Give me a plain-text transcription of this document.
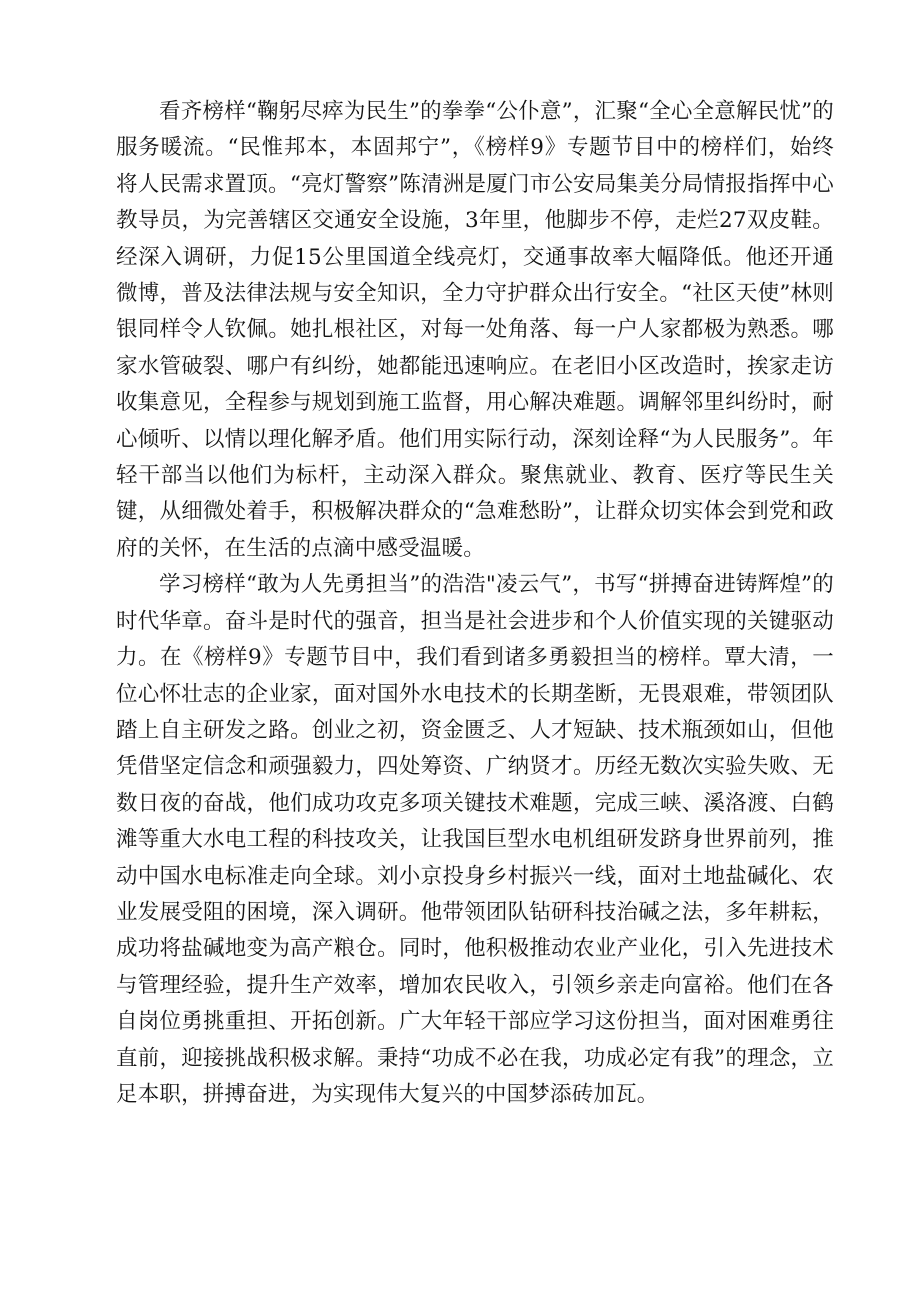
看齐榜样“鞠躬尽瘁为民生”的拳拳“公仆意”，汇聚“全心全意解民忧”的服务暖流。“民惟邦本，本固邦宁”，《榜样9》专题节目中的榜样们，始终将人民需求置顶。“亮灯警察”陈清洲是厦门市公安局集美分局情报指挥中心教导员，为完善辖区交通安全设施，3年里，他脚步不停，走烂27双皮鞋。经深入调研，力促15公里国道全线亮灯，交通事故率大幅降低。他还开通微博，普及法律法规与安全知识，全力守护群众出行安全。“社区天使”林则银同样令人钦佩。她扎根社区，对每一处角落、每一户人家都极为熟悉。哪家水管破裂、哪户有纠纷，她都能迅速响应。在老旧小区改造时，挨家走访收集意见，全程参与规划到施工监督，用心解决难题。调解邻里纠纷时，耐心倾听、以情以理化解矛盾。他们用实际行动，深刻诠释“为人民服务”。年轻干部当以他们为标杆，主动深入群众。聚焦就业、教育、医疗等民生关键，从细微处着手，积极解决群众的“急难愁盼”，让群众切实体会到党和政府的关怀，在生活的点滴中感受温暖。

学习榜样“敢为人先勇担当”的浩浩"凌云气”，书写“拼搏奋进铸辉煌”的时代华章。奋斗是时代的强音，担当是社会进步和个人价值实现的关键驱动力。在《榜样9》专题节目中，我们看到诸多勇毅担当的榜样。覃大清，一位心怀壮志的企业家，面对国外水电技术的长期垄断，无畏艰难，带领团队踏上自主研发之路。创业之初，资金匮乏、人才短缺、技术瓶颈如山，但他凭借坚定信念和顽强毅力，四处筹资、广纳贤才。历经无数次实验失败、无数日夜的奋战，他们成功攻克多项关键技术难题，完成三峡、溪洛渡、白鹤滩等重大水电工程的科技攻关，让我国巨型水电机组研发跻身世界前列，推动中国水电标准走向全球。刘小京投身乡村振兴一线，面对土地盐碱化、农业发展受阻的困境，深入调研。他带领团队钻研科技治碱之法，多年耕耘，成功将盐碱地变为高产粮仓。同时，他积极推动农业产业化，引入先进技术与管理经验，提升生产效率，增加农民收入，引领乡亲走向富裕。他们在各自岗位勇挑重担、开拓创新。广大年轻干部应学习这份担当，面对困难勇往直前，迎接挑战积极求解。秉持“功成不必在我，功成必定有我”的理念，立足本职，拼搏奋进，为实现伟大复兴的中国梦添砖加瓦。
